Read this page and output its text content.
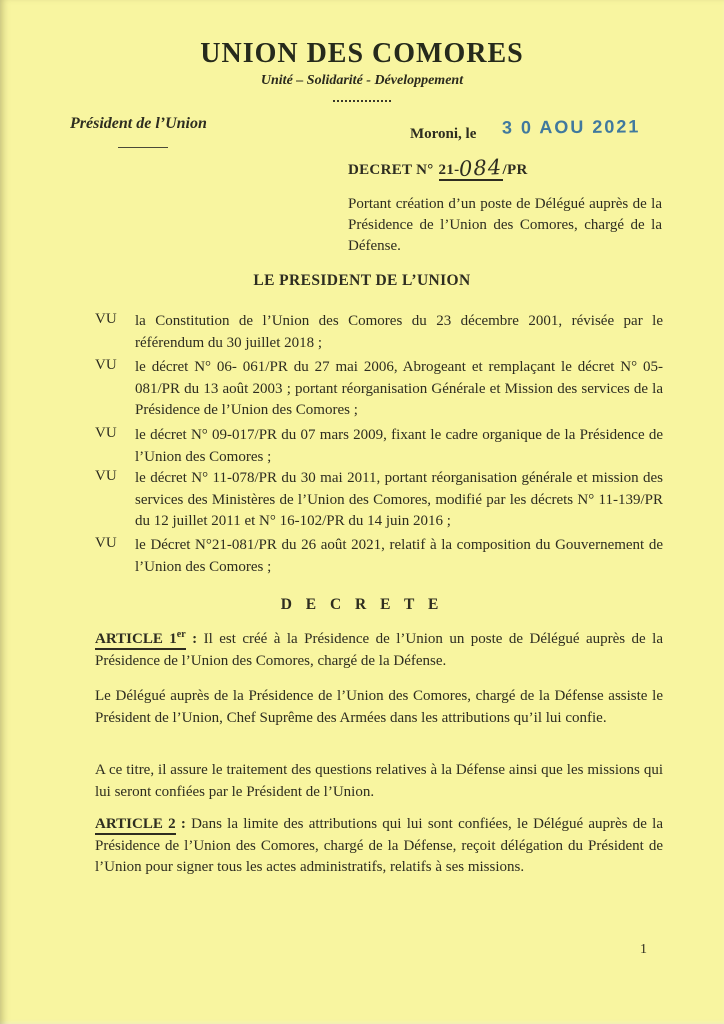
UNION DES COMORES
Unité – Solidarité - Développement
Président de l’Union
Moroni, le 3 0 AOU 2021
DECRET N° 21-084/PR
Portant création d’un poste de Délégué auprès de la Présidence de l’Union des Comores, chargé de la Défense.
LE PRESIDENT DE L’UNION
VU	la Constitution de l’Union des Comores du 23 décembre 2001, révisée par le référendum du 30 juillet 2018 ;
VU	le décret N° 06- 061/PR du 27 mai 2006, Abrogeant et remplaçant le décret N° 05-081/PR du 13 août 2003 ; portant réorganisation Générale et Mission des services de la Présidence de l’Union des Comores ;
VU	le décret N° 09-017/PR du 07 mars 2009, fixant le cadre organique de la Présidence de l’Union des Comores ;
VU	le décret N° 11-078/PR du 30 mai 2011, portant réorganisation générale et mission des services des Ministères de l’Union des Comores, modifié par les décrets N° 11-139/PR du 12 juillet 2011 et N° 16-102/PR du 14 juin 2016 ;
VU	le Décret N°21-081/PR du 26 août 2021, relatif à la composition du Gouvernement de l’Union des Comores ;
D E C R E T E
ARTICLE 1er : Il est créé à la Présidence de l’Union un poste de Délégué auprès de la Présidence de l’Union des Comores, chargé de la Défense.
Le Délégué auprès de la Présidence de l’Union des Comores, chargé de la Défense assiste le Président de l’Union, Chef Suprême des Armées dans les attributions qu’il lui confie.
A ce titre, il assure le traitement des questions relatives à la Défense ainsi que les missions qui lui seront confiées par le Président de l’Union.
ARTICLE 2 : Dans la limite des attributions qui lui sont confiées, le Délégué auprès de la Présidence de l’Union des Comores, chargé de la Défense, reçoit délégation du Président de l’Union pour signer tous les actes administratifs, relatifs à ses missions.
1
